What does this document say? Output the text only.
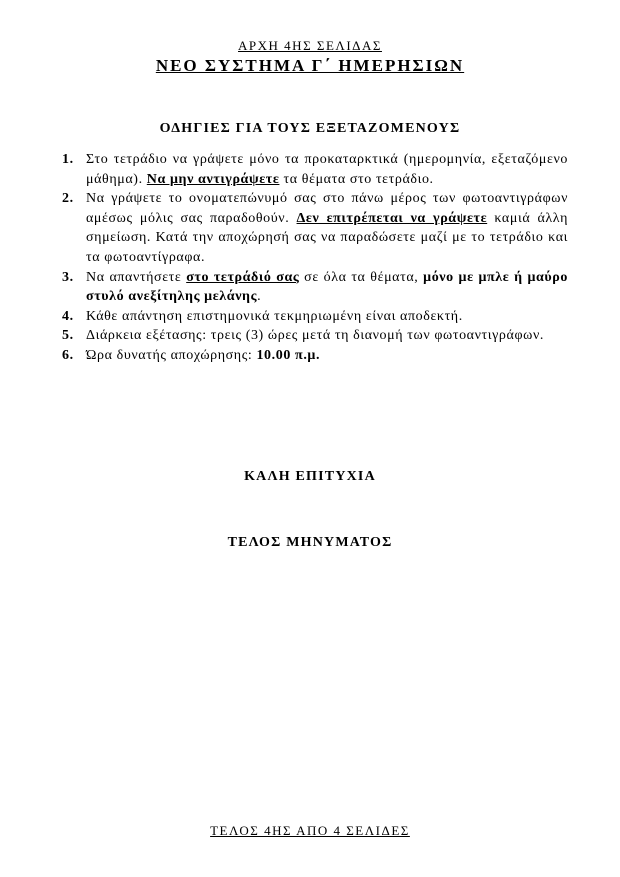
ΑΡΧΗ 4ΗΣ ΣΕΛΙΔΑΣ
ΝΕΟ ΣΥΣΤΗΜΑ Γ΄ ΗΜΕΡΗΣΙΩΝ
ΟΔΗΓΙΕΣ ΓΙΑ ΤΟΥΣ ΕΞΕΤΑΖΟΜΕΝΟΥΣ
1. Στο τετράδιο να γράψετε μόνο τα προκαταρκτικά (ημερομηνία, εξεταζόμενο μάθημα). Να μην αντιγράψετε τα θέματα στο τετράδιο.
2. Να γράψετε το ονοματεπώνυμό σας στο πάνω μέρος των φωτοαντιγράφων αμέσως μόλις σας παραδοθούν. Δεν επιτρέπεται να γράψετε καμιά άλλη σημείωση. Κατά την αποχώρησή σας να παραδώσετε μαζί με το τετράδιο και τα φωτοαντίγραφα.
3. Να απαντήσετε στο τετράδιό σας σε όλα τα θέματα, μόνο με μπλε ή μαύρο στυλό ανεξίτηλης μελάνης.
4. Κάθε απάντηση επιστημονικά τεκμηριωμένη είναι αποδεκτή.
5. Διάρκεια εξέτασης: τρεις (3) ώρες μετά τη διανομή των φωτοαντιγράφων.
6. Ώρα δυνατής αποχώρησης: 10.00 π.μ.
ΚΑΛΗ ΕΠΙΤΥΧΙΑ
ΤΕΛΟΣ ΜΗΝΥΜΑΤΟΣ
ΤΕΛΟΣ 4ΗΣ ΑΠΟ 4 ΣΕΛΙΔΕΣ
